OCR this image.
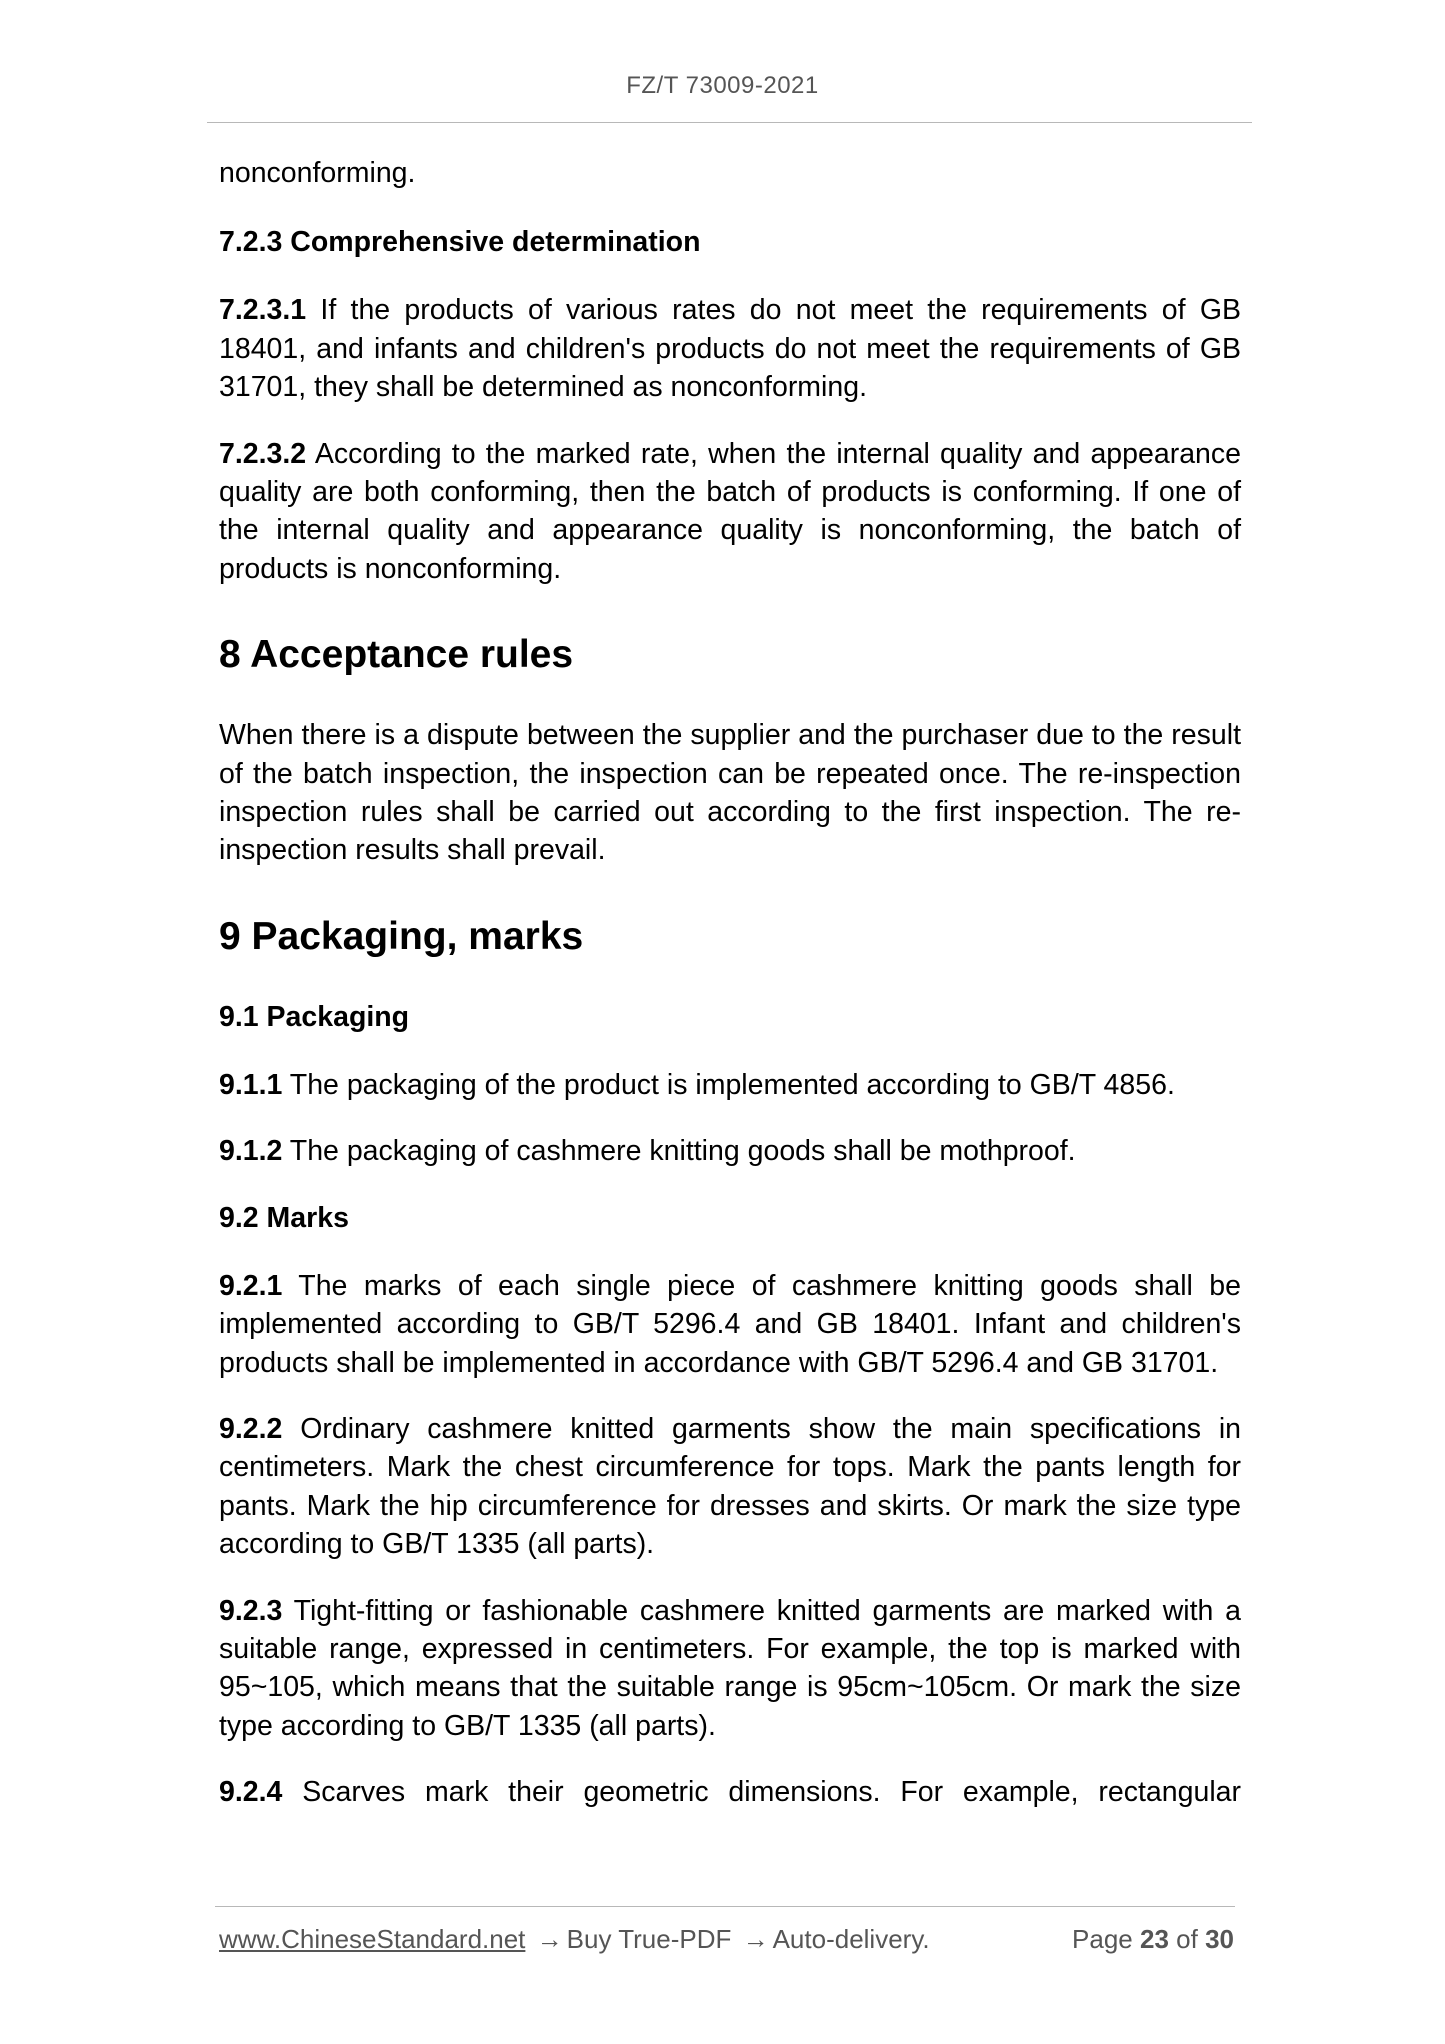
FZ/T 73009-2021

nonconforming.

7.2.3 Comprehensive determination

7.2.3.1 If the products of various rates do not meet the requirements of GB 18401, and infants and children's products do not meet the requirements of GB 31701, they shall be determined as nonconforming.

7.2.3.2 According to the marked rate, when the internal quality and appearance quality are both conforming, then the batch of products is conforming. If one of the internal quality and appearance quality is nonconforming, the batch of products is nonconforming.

8 Acceptance rules

When there is a dispute between the supplier and the purchaser due to the result of the batch inspection, the inspection can be repeated once. The re-inspection inspection rules shall be carried out according to the first inspection. The re-inspection results shall prevail.

9 Packaging, marks
9.1 Packaging

9.1.1 The packaging of the product is implemented according to GB/T 4856.

9.1.2 The packaging of cashmere knitting goods shall be mothproof.

9.2 Marks

9.2.1 The marks of each single piece of cashmere knitting goods shall be implemented according to GB/T 5296.4 and GB 18401. Infant and children's products shall be implemented in accordance with GB/T 5296.4 and GB 31701.

9.2.2 Ordinary cashmere knitted garments show the main specifications in centimeters. Mark the chest circumference for tops. Mark the pants length for pants. Mark the hip circumference for dresses and skirts. Or mark the size type according to GB/T 1335 (all parts).

9.2.3 Tight-fitting or fashionable cashmere knitted garments are marked with a suitable range, expressed in centimeters. For example, the top is marked with 95~105, which means that the suitable range is 95cm~105cm. Or mark the size type according to GB/T 1335 (all parts).

9.2.4 Scarves mark their geometric dimensions. For example, rectangular

www.ChineseStandard.net → Buy True-PDF → Auto-delivery.	Page 23 of 30
